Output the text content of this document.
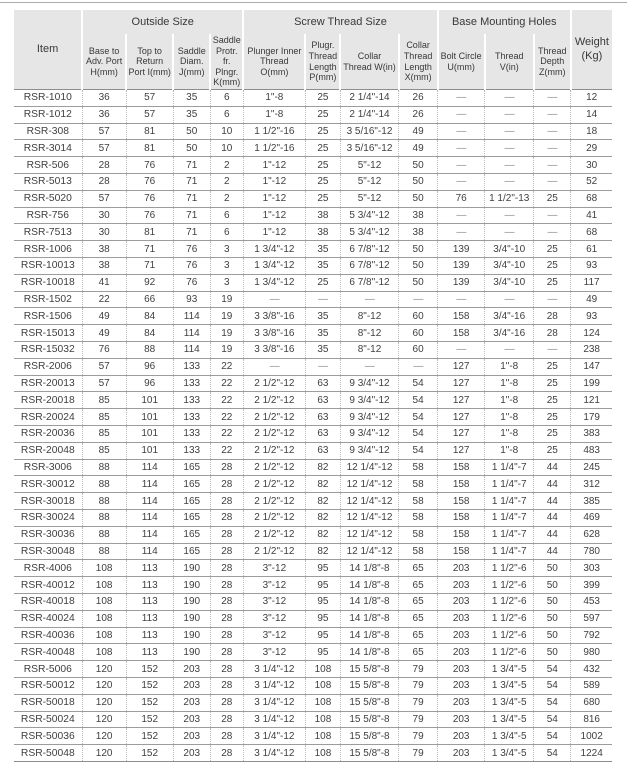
Item	Outside Size				Screw Thread Size				Base Mounting Holes			Weight (Kg)
	Base to Adv. Port H(mm)	Top to Return Port I(mm)	Saddle Diam. J(mm)	Saddle Protr. fr. Plngr. K(mm)	Plunger Inner Thread O(mm)	Plugr. Thread Length P(mm)	Collar Thread W(in)	Collar Thread Length X(mm)	Bolt Circle U(mm)	Thread V(in)	Thread Depth Z(mm)	
RSR-1010	36	57	35	6	1"-8	25	2 1/4"-14	26	—	—	—	12
RSR-1012	36	57	35	6	1"-8	25	2 1/4"-14	26	—	—	—	14
RSR-308	57	81	50	10	1 1/2"-16	25	3 5/16"-12	49	—	—	—	18
RSR-3014	57	81	50	10	1 1/2"-16	25	3 5/16"-12	49	—	—	—	29
RSR-506	28	76	71	2	1"-12	25	5"-12	50	—	—	—	30
RSR-5013	28	76	71	2	1"-12	25	5"-12	50	—	—	—	52
RSR-5020	57	76	71	2	1"-12	25	5"-12	50	76	1 1/2"-13	25	68
RSR-756	30	76	71	6	1"-12	38	5 3/4"-12	38	—	—	—	41
RSR-7513	30	81	71	6	1"-12	38	5 3/4"-12	38	—	—	—	68
RSR-1006	38	71	76	3	1 3/4"-12	35	6 7/8"-12	50	139	3/4"-10	25	61
RSR-10013	38	71	76	3	1 3/4"-12	35	6 7/8"-12	50	139	3/4"-10	25	93
RSR-10018	41	92	76	3	1 3/4"-12	25	6 7/8"-12	50	139	3/4"-10	25	117
RSR-1502	22	66	93	19	—	—	—	—	—	—	—	49
RSR-1506	49	84	114	19	3 3/8"-16	35	8"-12	60	158	3/4"-16	28	93
RSR-15013	49	84	114	19	3 3/8"-16	35	8"-12	60	158	3/4"-16	28	124
RSR-15032	76	88	114	19	3 3/8"-16	35	8"-12	60	—	—	—	238
RSR-2006	57	96	133	22	—	—	—	—	127	1"-8	25	147
RSR-20013	57	96	133	22	2 1/2"-12	63	9 3/4"-12	54	127	1"-8	25	199
RSR-20018	85	101	133	22	2 1/2"-12	63	9 3/4"-12	54	127	1"-8	25	121
RSR-20024	85	101	133	22	2 1/2"-12	63	9 3/4"-12	54	127	1"-8	25	179
RSR-20036	85	101	133	22	2 1/2"-12	63	9 3/4"-12	54	127	1"-8	25	383
RSR-20048	85	101	133	22	2 1/2"-12	63	9 3/4"-12	54	127	1"-8	25	483
RSR-3006	88	114	165	28	2 1/2"-12	82	12 1/4"-12	58	158	1 1/4"-7	44	245
RSR-30012	88	114	165	28	2 1/2"-12	82	12 1/4"-12	58	158	1 1/4"-7	44	312
RSR-30018	88	114	165	28	2 1/2"-12	82	12 1/4"-12	58	158	1 1/4"-7	44	385
RSR-30024	88	114	165	28	2 1/2"-12	82	12 1/4"-12	58	158	1 1/4"-7	44	469
RSR-30036	88	114	165	28	2 1/2"-12	82	12 1/4"-12	58	158	1 1/4"-7	44	628
RSR-30048	88	114	165	28	2 1/2"-12	82	12 1/4"-12	58	158	1 1/4"-7	44	780
RSR-4006	108	113	190	28	3"-12	95	14 1/8"-8	65	203	1 1/2"-6	50	303
RSR-40012	108	113	190	28	3"-12	95	14 1/8"-8	65	203	1 1/2"-6	50	399
RSR-40018	108	113	190	28	3"-12	95	14 1/8"-8	65	203	1 1/2"-6	50	453
RSR-40024	108	113	190	28	3"-12	95	14 1/8"-8	65	203	1 1/2"-6	50	597
RSR-40036	108	113	190	28	3"-12	95	14 1/8"-8	65	203	1 1/2"-6	50	792
RSR-40048	108	113	190	28	3"-12	95	14 1/8"-8	65	203	1 1/2"-6	50	980
RSR-5006	120	152	203	28	3 1/4"-12	108	15 5/8"-8	79	203	1 3/4"-5	54	432
RSR-50012	120	152	203	28	3 1/4"-12	108	15 5/8"-8	79	203	1 3/4"-5	54	589
RSR-50018	120	152	203	28	3 1/4"-12	108	15 5/8"-8	79	203	1 3/4"-5	54	680
RSR-50024	120	152	203	28	3 1/4"-12	108	15 5/8"-8	79	203	1 3/4"-5	54	816
RSR-50036	120	152	203	28	3 1/4"-12	108	15 5/8"-8	79	203	1 3/4"-5	54	1002
RSR-50048	120	152	203	28	3 1/4"-12	108	15 5/8"-8	79	203	1 3/4"-5	54	1224
